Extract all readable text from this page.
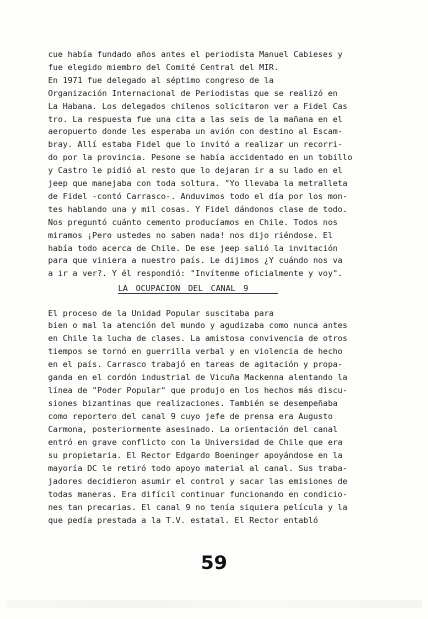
cue había fundado años antes el periodista Manuel Cabieses y
fue elegido miembro del Comité Central del MIR.
En 1971 fue delegado al séptimo congreso de la
Organización Internacional de Periodistas que se realizó en
La Habana. Los delegados chilenos solicitaron ver a Fidel Cas
tro. La respuesta fue una cita a las seis de la mañana en el
aeropuerto donde les esperaba un avión con destino al Escam-
bray. Allí estaba Fidel que lo invitó a realizar un recorri-
do por la provincia. Pesone se había accidentado en un tobillo
y Castro le pidió al resto que lo dejaran ir a su lado en el
jeep que manejaba con toda soltura. "Yo llevaba la metralleta
de Fidel -contó Carrasco-. Anduvimos todo el día por los mon-
tes hablando una y mil cosas. Y Fidel dándonos clase de todo.
Nos preguntó cuánto cemento producíamos en Chile. Todos nos
miramos ¡Pero ustedes no saben nada! nos dijo riéndose. El
había todo acerca de Chile. De ese jeep salió la invitación
para que viniera a nuestro país. Le dijimos ¿Y cuándo nos va
a ir a ver?. Y él respondió: "Invítenme oficialmente y voy".
LA OCUPACION DEL CANAL 9
El proceso de la Unidad Popular suscitaba para
bien o mal la atención del mundo y agudizaba como nunca antes
en Chile la lucha de clases. La amistosa convivencia de otros
tiempos se tornó en guerrilla verbal y en violencia de hecho
en el país. Carrasco trabajó en tareas de agitación y propa-
ganda en el cordón industrial de Vicuña Mackenna alentando la
línea de "Poder Popular" que produjo en los hechos más discu-
siones bizantinas que realizaciones. También se desempeñaba
como reportero del canal 9 cuyo jefe de prensa era Augusto
Carmona, posteriormente asesinado. La orientación del canal
entró en grave conflicto con la Universidad de Chile que era
su propietaria. El Rector Edgardo Boeninger apoyándose en la
mayoría DC le retiró todo apoyo material al canal. Sus traba-
jadores decidieron asumir el control y sacar las emisiones de
todas maneras. Era difícil continuar funcionando en condicio-
nes tan precarias. El canal 9 no tenía siquiera película y la
que pedía prestada a la T.V. estatal. El Rector entabló
59
